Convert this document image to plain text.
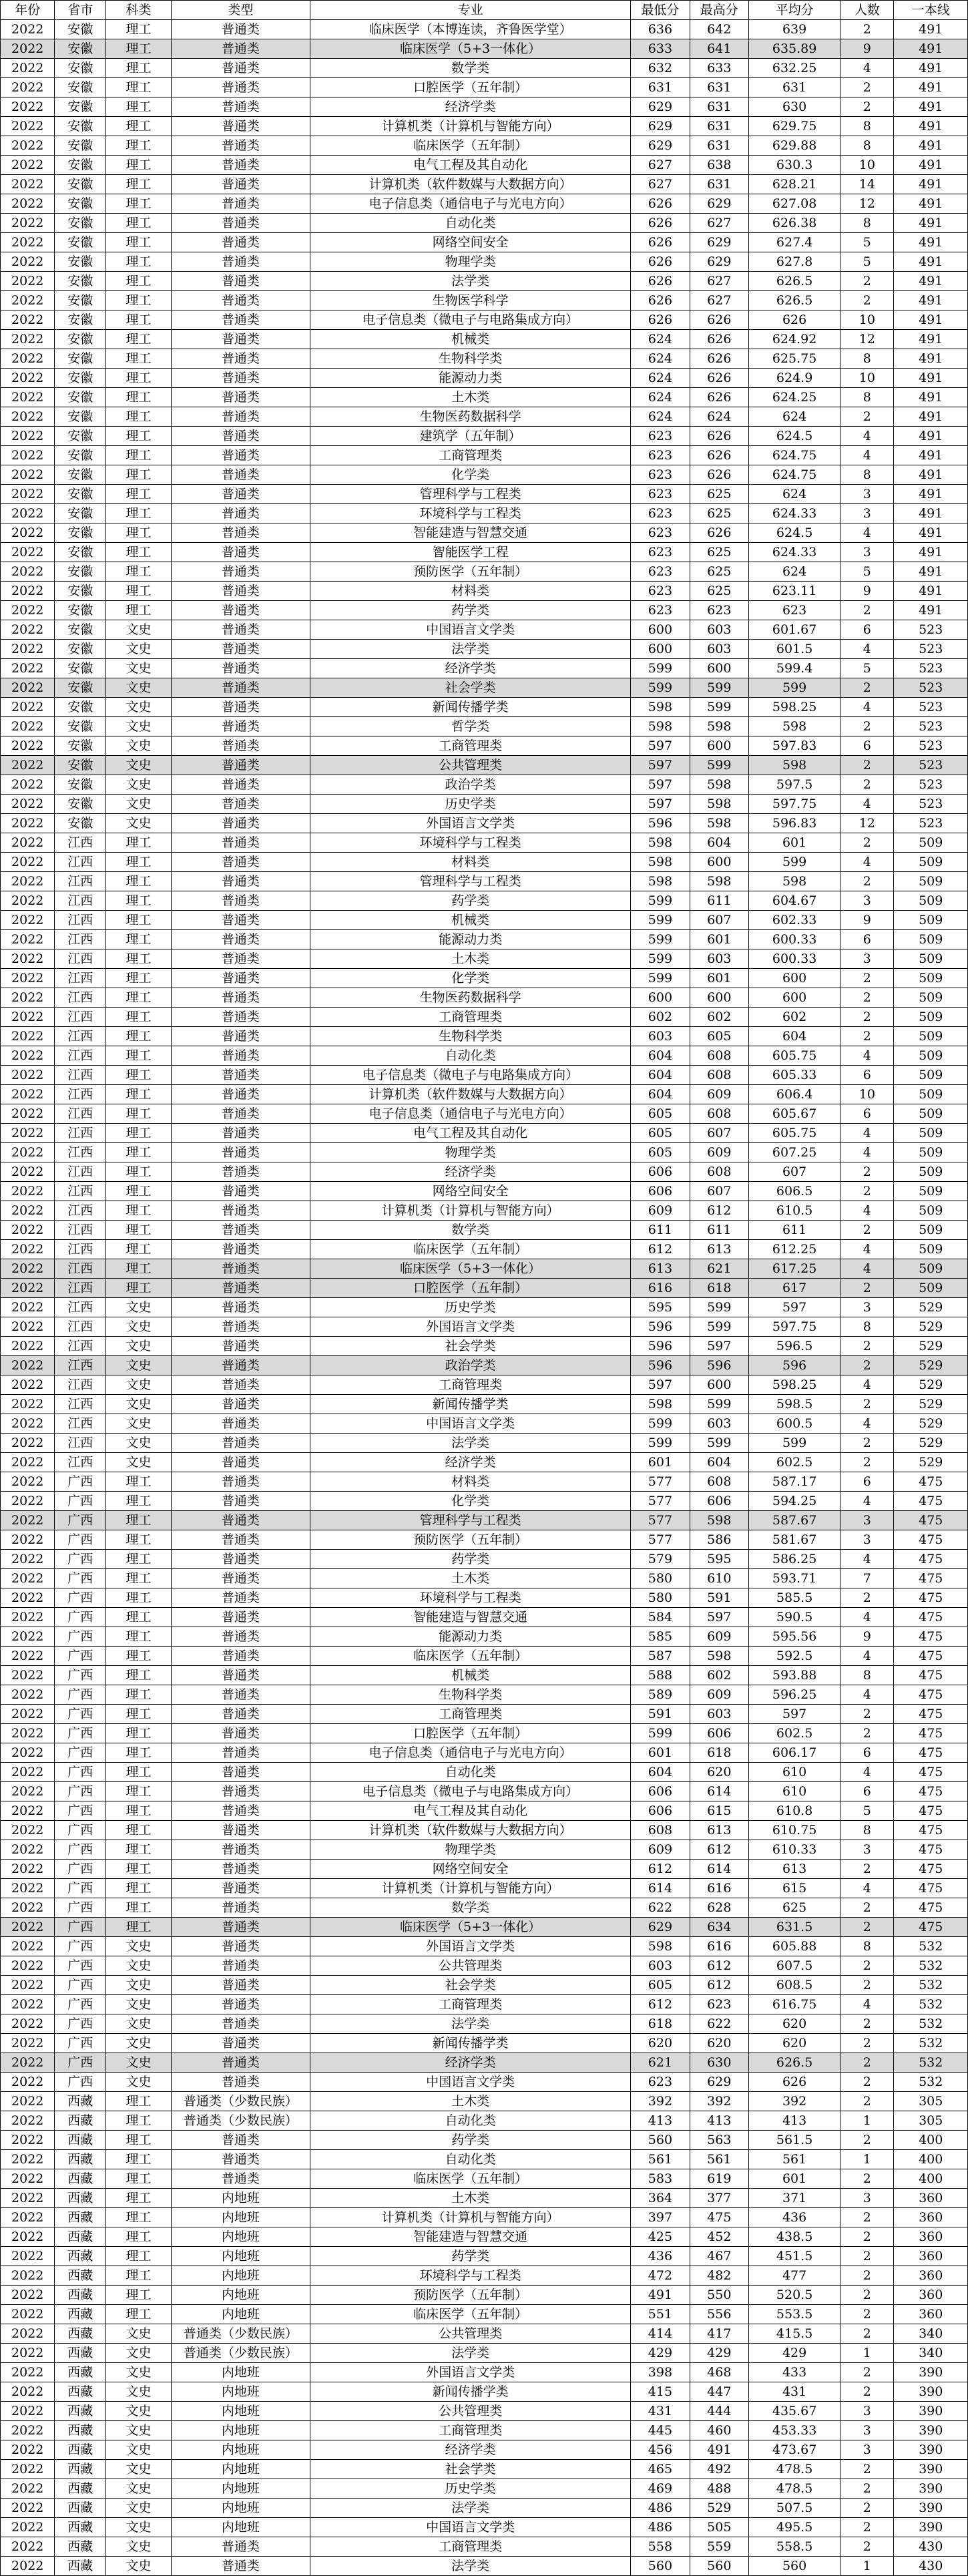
年份	省市	科类	类型	专业	最低分	最高分	平均分	人数	一本线
2022	安徽	理工	普通类	临床医学（本博连读，齐鲁医学堂）	636	642	639	2	491
2022	安徽	理工	普通类	临床医学（5+3一体化）	633	641	635.89	9	491
2022	安徽	理工	普通类	数学类	632	633	632.25	4	491
2022	安徽	理工	普通类	口腔医学（五年制）	631	631	631	2	491
2022	安徽	理工	普通类	经济学类	629	631	630	2	491
2022	安徽	理工	普通类	计算机类（计算机与智能方向）	629	631	629.75	8	491
2022	安徽	理工	普通类	临床医学（五年制）	629	631	629.88	8	491
2022	安徽	理工	普通类	电气工程及其自动化	627	638	630.3	10	491
2022	安徽	理工	普通类	计算机类（软件数媒与大数据方向）	627	631	628.21	14	491
2022	安徽	理工	普通类	电子信息类（通信电子与光电方向）	626	629	627.08	12	491
2022	安徽	理工	普通类	自动化类	626	627	626.38	8	491
2022	安徽	理工	普通类	网络空间安全	626	629	627.4	5	491
2022	安徽	理工	普通类	物理学类	626	629	627.8	5	491
2022	安徽	理工	普通类	法学类	626	627	626.5	2	491
2022	安徽	理工	普通类	生物医学科学	626	627	626.5	2	491
2022	安徽	理工	普通类	电子信息类（微电子与电路集成方向）	626	626	626	10	491
2022	安徽	理工	普通类	机械类	624	626	624.92	12	491
2022	安徽	理工	普通类	生物科学类	624	626	625.75	8	491
2022	安徽	理工	普通类	能源动力类	624	626	624.9	10	491
2022	安徽	理工	普通类	土木类	624	626	624.25	8	491
2022	安徽	理工	普通类	生物医药数据科学	624	624	624	2	491
2022	安徽	理工	普通类	建筑学（五年制）	623	626	624.5	4	491
2022	安徽	理工	普通类	工商管理类	623	626	624.75	4	491
2022	安徽	理工	普通类	化学类	623	626	624.75	8	491
2022	安徽	理工	普通类	管理科学与工程类	623	625	624	3	491
2022	安徽	理工	普通类	环境科学与工程类	623	625	624.33	3	491
2022	安徽	理工	普通类	智能建造与智慧交通	623	626	624.5	4	491
2022	安徽	理工	普通类	智能医学工程	623	625	624.33	3	491
2022	安徽	理工	普通类	预防医学（五年制）	623	625	624	5	491
2022	安徽	理工	普通类	材料类	623	625	623.11	9	491
2022	安徽	理工	普通类	药学类	623	623	623	2	491
2022	安徽	文史	普通类	中国语言文学类	600	603	601.67	6	523
2022	安徽	文史	普通类	法学类	600	603	601.5	4	523
2022	安徽	文史	普通类	经济学类	599	600	599.4	5	523
2022	安徽	文史	普通类	社会学类	599	599	599	2	523
2022	安徽	文史	普通类	新闻传播学类	598	599	598.25	4	523
2022	安徽	文史	普通类	哲学类	598	598	598	2	523
2022	安徽	文史	普通类	工商管理类	597	600	597.83	6	523
2022	安徽	文史	普通类	公共管理类	597	599	598	2	523
2022	安徽	文史	普通类	政治学类	597	598	597.5	2	523
2022	安徽	文史	普通类	历史学类	597	598	597.75	4	523
2022	安徽	文史	普通类	外国语言文学类	596	598	596.83	12	523
2022	江西	理工	普通类	环境科学与工程类	598	604	601	2	509
2022	江西	理工	普通类	材料类	598	600	599	4	509
2022	江西	理工	普通类	管理科学与工程类	598	598	598	2	509
2022	江西	理工	普通类	药学类	599	611	604.67	3	509
2022	江西	理工	普通类	机械类	599	607	602.33	9	509
2022	江西	理工	普通类	能源动力类	599	601	600.33	6	509
2022	江西	理工	普通类	土木类	599	603	600.33	3	509
2022	江西	理工	普通类	化学类	599	601	600	2	509
2022	江西	理工	普通类	生物医药数据科学	600	600	600	2	509
2022	江西	理工	普通类	工商管理类	602	602	602	2	509
2022	江西	理工	普通类	生物科学类	603	605	604	2	509
2022	江西	理工	普通类	自动化类	604	608	605.75	4	509
2022	江西	理工	普通类	电子信息类（微电子与电路集成方向）	604	608	605.33	6	509
2022	江西	理工	普通类	计算机类（软件数媒与大数据方向）	604	609	606.4	10	509
2022	江西	理工	普通类	电子信息类（通信电子与光电方向）	605	608	605.67	6	509
2022	江西	理工	普通类	电气工程及其自动化	605	607	605.75	4	509
2022	江西	理工	普通类	物理学类	605	609	607.25	4	509
2022	江西	理工	普通类	经济学类	606	608	607	2	509
2022	江西	理工	普通类	网络空间安全	606	607	606.5	2	509
2022	江西	理工	普通类	计算机类（计算机与智能方向）	609	612	610.5	4	509
2022	江西	理工	普通类	数学类	611	611	611	2	509
2022	江西	理工	普通类	临床医学（五年制）	612	613	612.25	4	509
2022	江西	理工	普通类	临床医学（5+3一体化）	613	621	617.25	4	509
2022	江西	理工	普通类	口腔医学（五年制）	616	618	617	2	509
2022	江西	文史	普通类	历史学类	595	599	597	3	529
2022	江西	文史	普通类	外国语言文学类	596	599	597.75	8	529
2022	江西	文史	普通类	社会学类	596	597	596.5	2	529
2022	江西	文史	普通类	政治学类	596	596	596	2	529
2022	江西	文史	普通类	工商管理类	597	600	598.25	4	529
2022	江西	文史	普通类	新闻传播学类	598	599	598.5	2	529
2022	江西	文史	普通类	中国语言文学类	599	603	600.5	4	529
2022	江西	文史	普通类	法学类	599	599	599	2	529
2022	江西	文史	普通类	经济学类	601	604	602.5	2	529
2022	广西	理工	普通类	材料类	577	608	587.17	6	475
2022	广西	理工	普通类	化学类	577	606	594.25	4	475
2022	广西	理工	普通类	管理科学与工程类	577	598	587.67	3	475
2022	广西	理工	普通类	预防医学（五年制）	577	586	581.67	3	475
2022	广西	理工	普通类	药学类	579	595	586.25	4	475
2022	广西	理工	普通类	土木类	580	610	593.71	7	475
2022	广西	理工	普通类	环境科学与工程类	580	591	585.5	2	475
2022	广西	理工	普通类	智能建造与智慧交通	584	597	590.5	4	475
2022	广西	理工	普通类	能源动力类	585	609	595.56	9	475
2022	广西	理工	普通类	临床医学（五年制）	587	598	592.5	4	475
2022	广西	理工	普通类	机械类	588	602	593.88	8	475
2022	广西	理工	普通类	生物科学类	589	609	596.25	4	475
2022	广西	理工	普通类	工商管理类	591	603	597	2	475
2022	广西	理工	普通类	口腔医学（五年制）	599	606	602.5	2	475
2022	广西	理工	普通类	电子信息类（通信电子与光电方向）	601	618	606.17	6	475
2022	广西	理工	普通类	自动化类	604	620	610	4	475
2022	广西	理工	普通类	电子信息类（微电子与电路集成方向）	606	614	610	6	475
2022	广西	理工	普通类	电气工程及其自动化	606	615	610.8	5	475
2022	广西	理工	普通类	计算机类（软件数媒与大数据方向）	608	613	610.75	8	475
2022	广西	理工	普通类	物理学类	609	612	610.33	3	475
2022	广西	理工	普通类	网络空间安全	612	614	613	2	475
2022	广西	理工	普通类	计算机类（计算机与智能方向）	614	616	615	4	475
2022	广西	理工	普通类	数学类	622	628	625	2	475
2022	广西	理工	普通类	临床医学（5+3一体化）	629	634	631.5	2	475
2022	广西	文史	普通类	外国语言文学类	598	616	605.88	8	532
2022	广西	文史	普通类	公共管理类	603	612	607.5	2	532
2022	广西	文史	普通类	社会学类	605	612	608.5	2	532
2022	广西	文史	普通类	工商管理类	612	623	616.75	4	532
2022	广西	文史	普通类	法学类	618	622	620	2	532
2022	广西	文史	普通类	新闻传播学类	620	620	620	2	532
2022	广西	文史	普通类	经济学类	621	630	626.5	2	532
2022	广西	文史	普通类	中国语言文学类	623	629	626	2	532
2022	西藏	理工	普通类（少数民族）	土木类	392	392	392	2	305
2022	西藏	理工	普通类（少数民族）	自动化类	413	413	413	1	305
2022	西藏	理工	普通类	药学类	560	563	561.5	2	400
2022	西藏	理工	普通类	自动化类	561	561	561	1	400
2022	西藏	理工	普通类	临床医学（五年制）	583	619	601	2	400
2022	西藏	理工	内地班	土木类	364	377	371	3	360
2022	西藏	理工	内地班	计算机类（计算机与智能方向）	397	475	436	2	360
2022	西藏	理工	内地班	智能建造与智慧交通	425	452	438.5	2	360
2022	西藏	理工	内地班	药学类	436	467	451.5	2	360
2022	西藏	理工	内地班	环境科学与工程类	472	482	477	2	360
2022	西藏	理工	内地班	预防医学（五年制）	491	550	520.5	2	360
2022	西藏	理工	内地班	临床医学（五年制）	551	556	553.5	2	360
2022	西藏	文史	普通类（少数民族）	公共管理类	414	417	415.5	2	340
2022	西藏	文史	普通类（少数民族）	法学类	429	429	429	1	340
2022	西藏	文史	内地班	外国语言文学类	398	468	433	2	390
2022	西藏	文史	内地班	新闻传播学类	415	447	431	2	390
2022	西藏	文史	内地班	公共管理类	431	444	435.67	3	390
2022	西藏	文史	内地班	工商管理类	445	460	453.33	3	390
2022	西藏	文史	内地班	经济学类	456	491	473.67	3	390
2022	西藏	文史	内地班	社会学类	465	492	478.5	2	390
2022	西藏	文史	内地班	历史学类	469	488	478.5	2	390
2022	西藏	文史	内地班	法学类	486	529	507.5	2	390
2022	西藏	文史	内地班	中国语言文学类	486	505	495.5	2	390
2022	西藏	文史	普通类	工商管理类	558	559	558.5	2	430
2022	西藏	文史	普通类	法学类	560	560	560	1	430
